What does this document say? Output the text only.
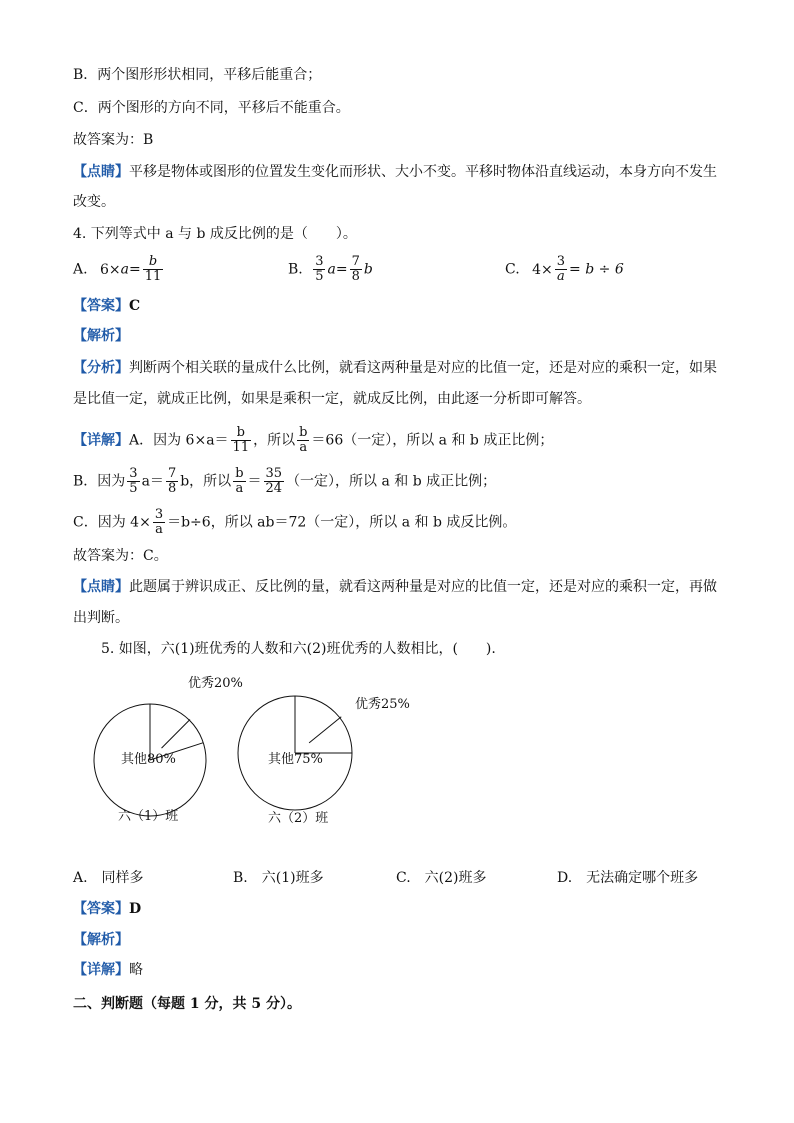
B．两个图形形状相同，平移后能重合；
C．两个图形的方向不同，平移后不能重合。
故答案为：B
【点睛】平移是物体或图形的位置发生变化而形状、大小不变。平移时物体沿直线运动，本身方向不发生
改变。
4. 下列等式中 a 与 b 成反比例的是（　　）。
A. $6\times a= \frac{b}{11}$	B. $\frac{3}{5} a= \frac{7}{8}$ b	C. $4\times \frac{3}{a} = b \div 6$
【答案】C
【解析】
【分析】判断两个相关联的量成什么比例，就看这两种量是对应的比值一定，还是对应的乘积一定，如果
是比值一定，就成正比例，如果是乘积一定，就成反比例，由此逐一分析即可解答。
【详解】A．因为 $6\times a= \frac{b}{11}$ ，所以 $\frac{b}{a} =66$（一定），所以 a 和 b 成正比例；
B．因为 $\frac{3}{5} a= \frac{7}{8}$ b，所以 $\frac{b}{a} = \frac{35}{24}$ （一定），所以 a 和 b 成正比例；
C．因为 $4\times \frac{3}{a} =b\div 6$，所以 ab＝72（一定），所以 a 和 b 成反比例。
故答案为：C。
【点睛】此题属于辨识成正、反比例的量，就看这两种量是对应的比值一定，还是对应的乘积一定，再做
出判断。
5. 如图，六(1)班优秀的人数和六(2)班优秀的人数相比，(　　).
优秀20%
其他80%
六（1）班
优秀25%
其他75%
六（2）班
A.　同样多	B.　六(1)班多	C.　六(2)班多	D.　无法确定哪个班多
【答案】D
【解析】
【详解】略
二、判断题（每题 1 分，共 5 分）。
